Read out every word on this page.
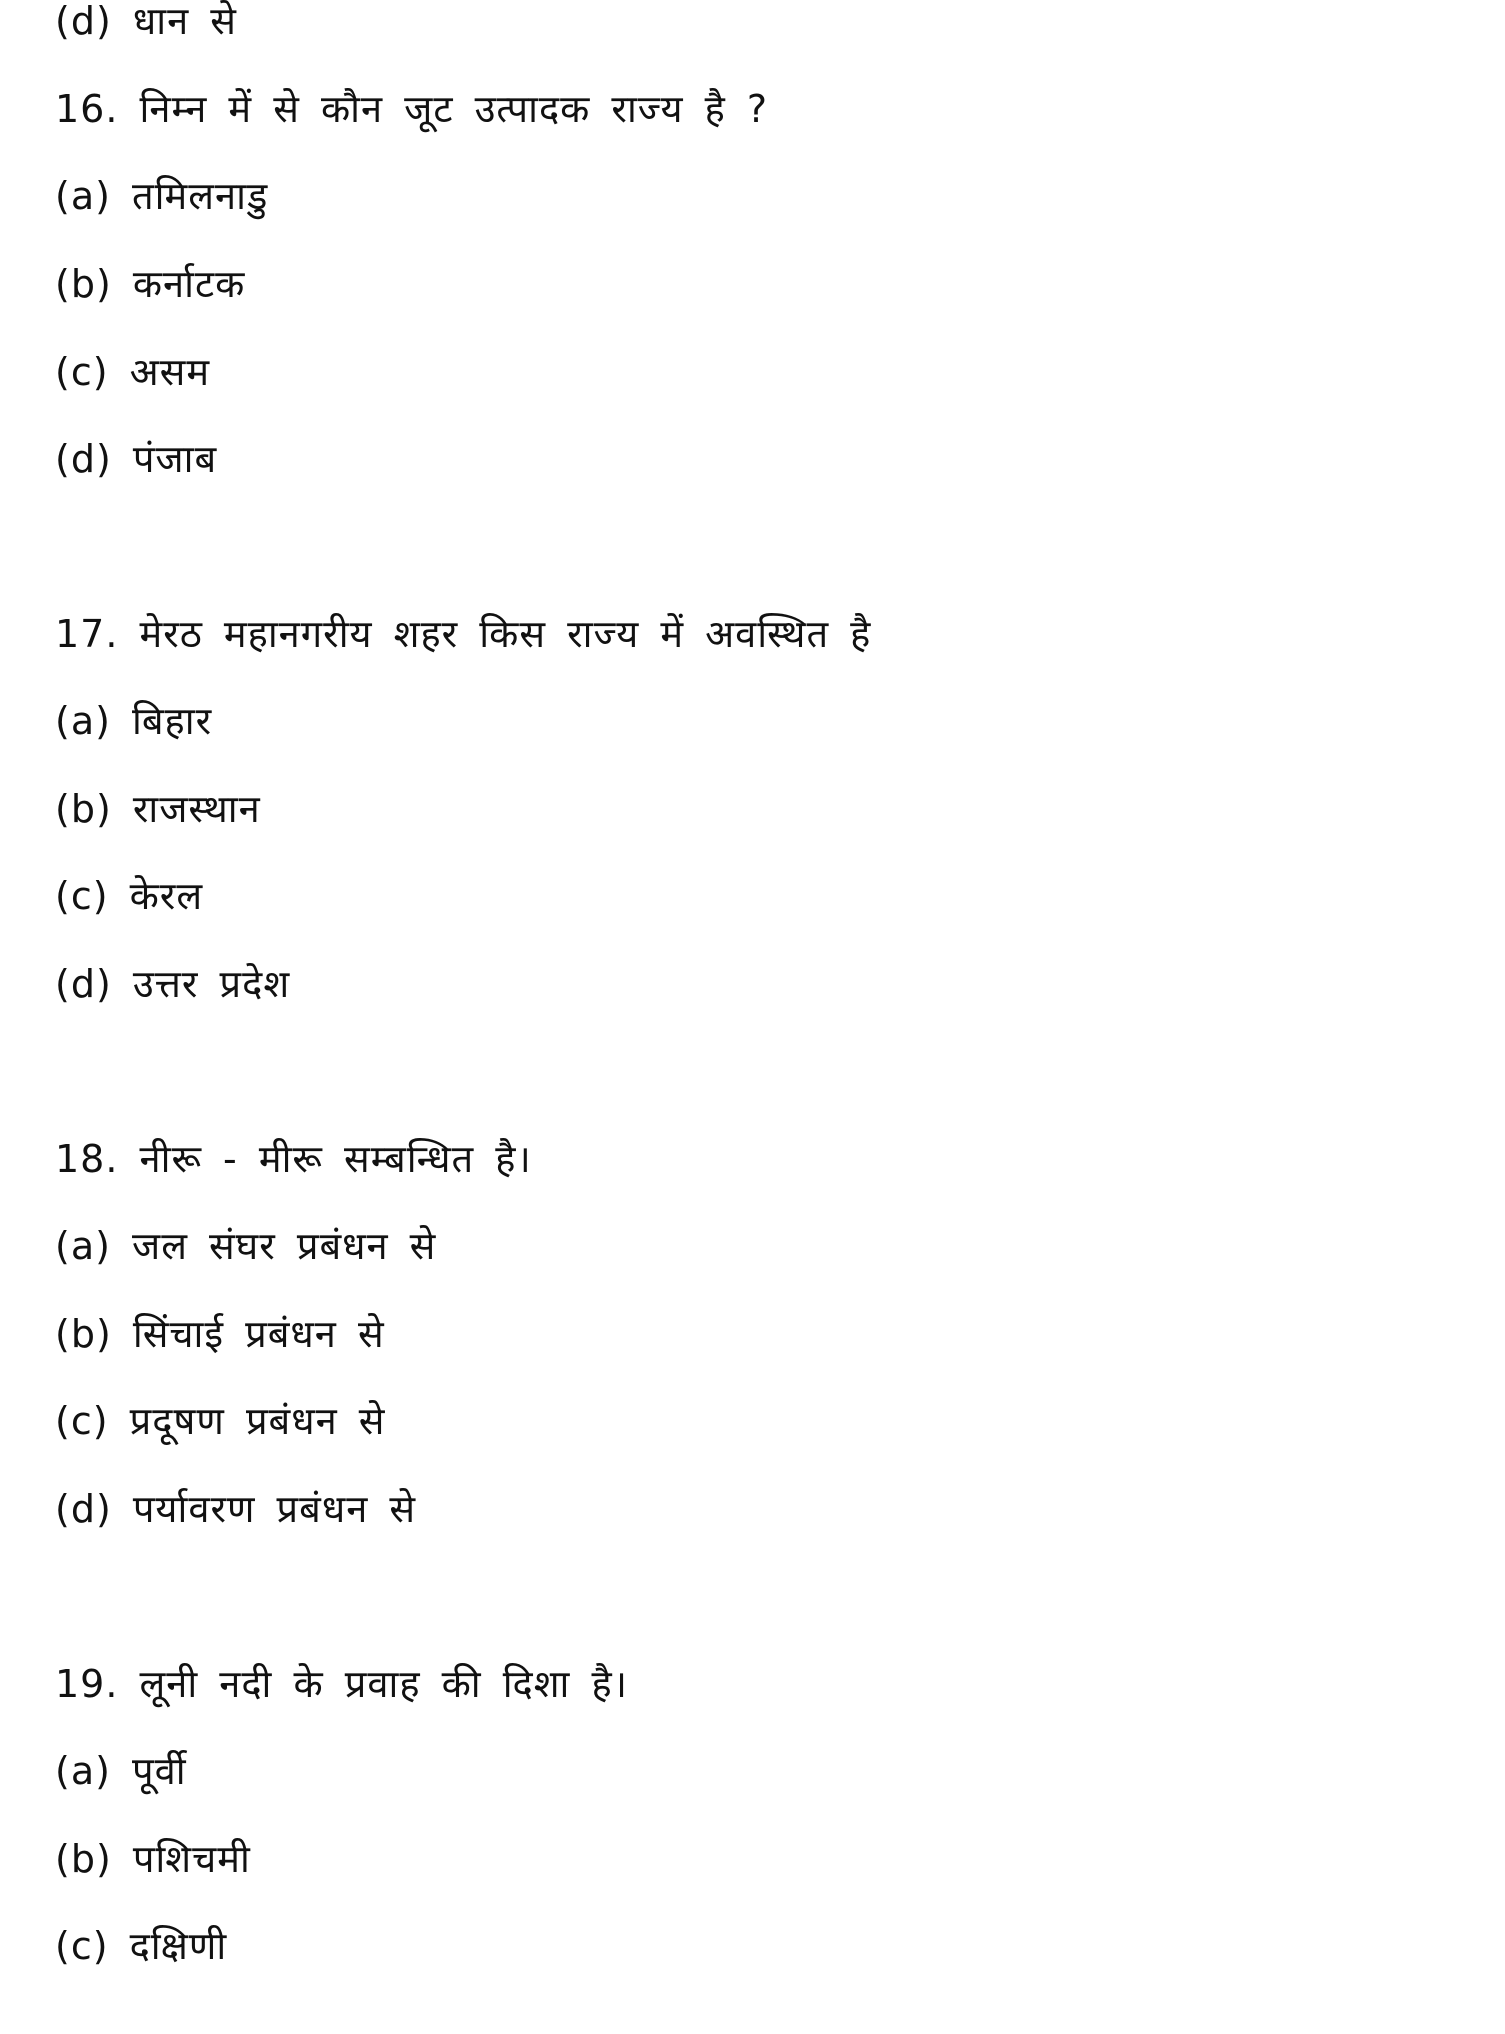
(d) धान से
16. निम्न में से कौन जूट उत्पादक राज्य है ?
(a) तमिलनाडु
(b) कर्नाटक
(c) असम
(d) पंजाब
17. मेरठ महानगरीय शहर किस राज्य में अवस्थित है
(a) बिहार
(b) राजस्थान
(c) केरल
(d) उत्तर प्रदेश
18. नीरू - मीरू सम्बन्धित है।
(a) जल संघर प्रबंधन से
(b) सिंचाई प्रबंधन से
(c) प्रदूषण प्रबंधन से
(d) पर्यावरण प्रबंधन से
19. लूनी नदी के प्रवाह की दिशा है।
(a) पूर्वी
(b) पशिचमी
(c) दक्षिणी
